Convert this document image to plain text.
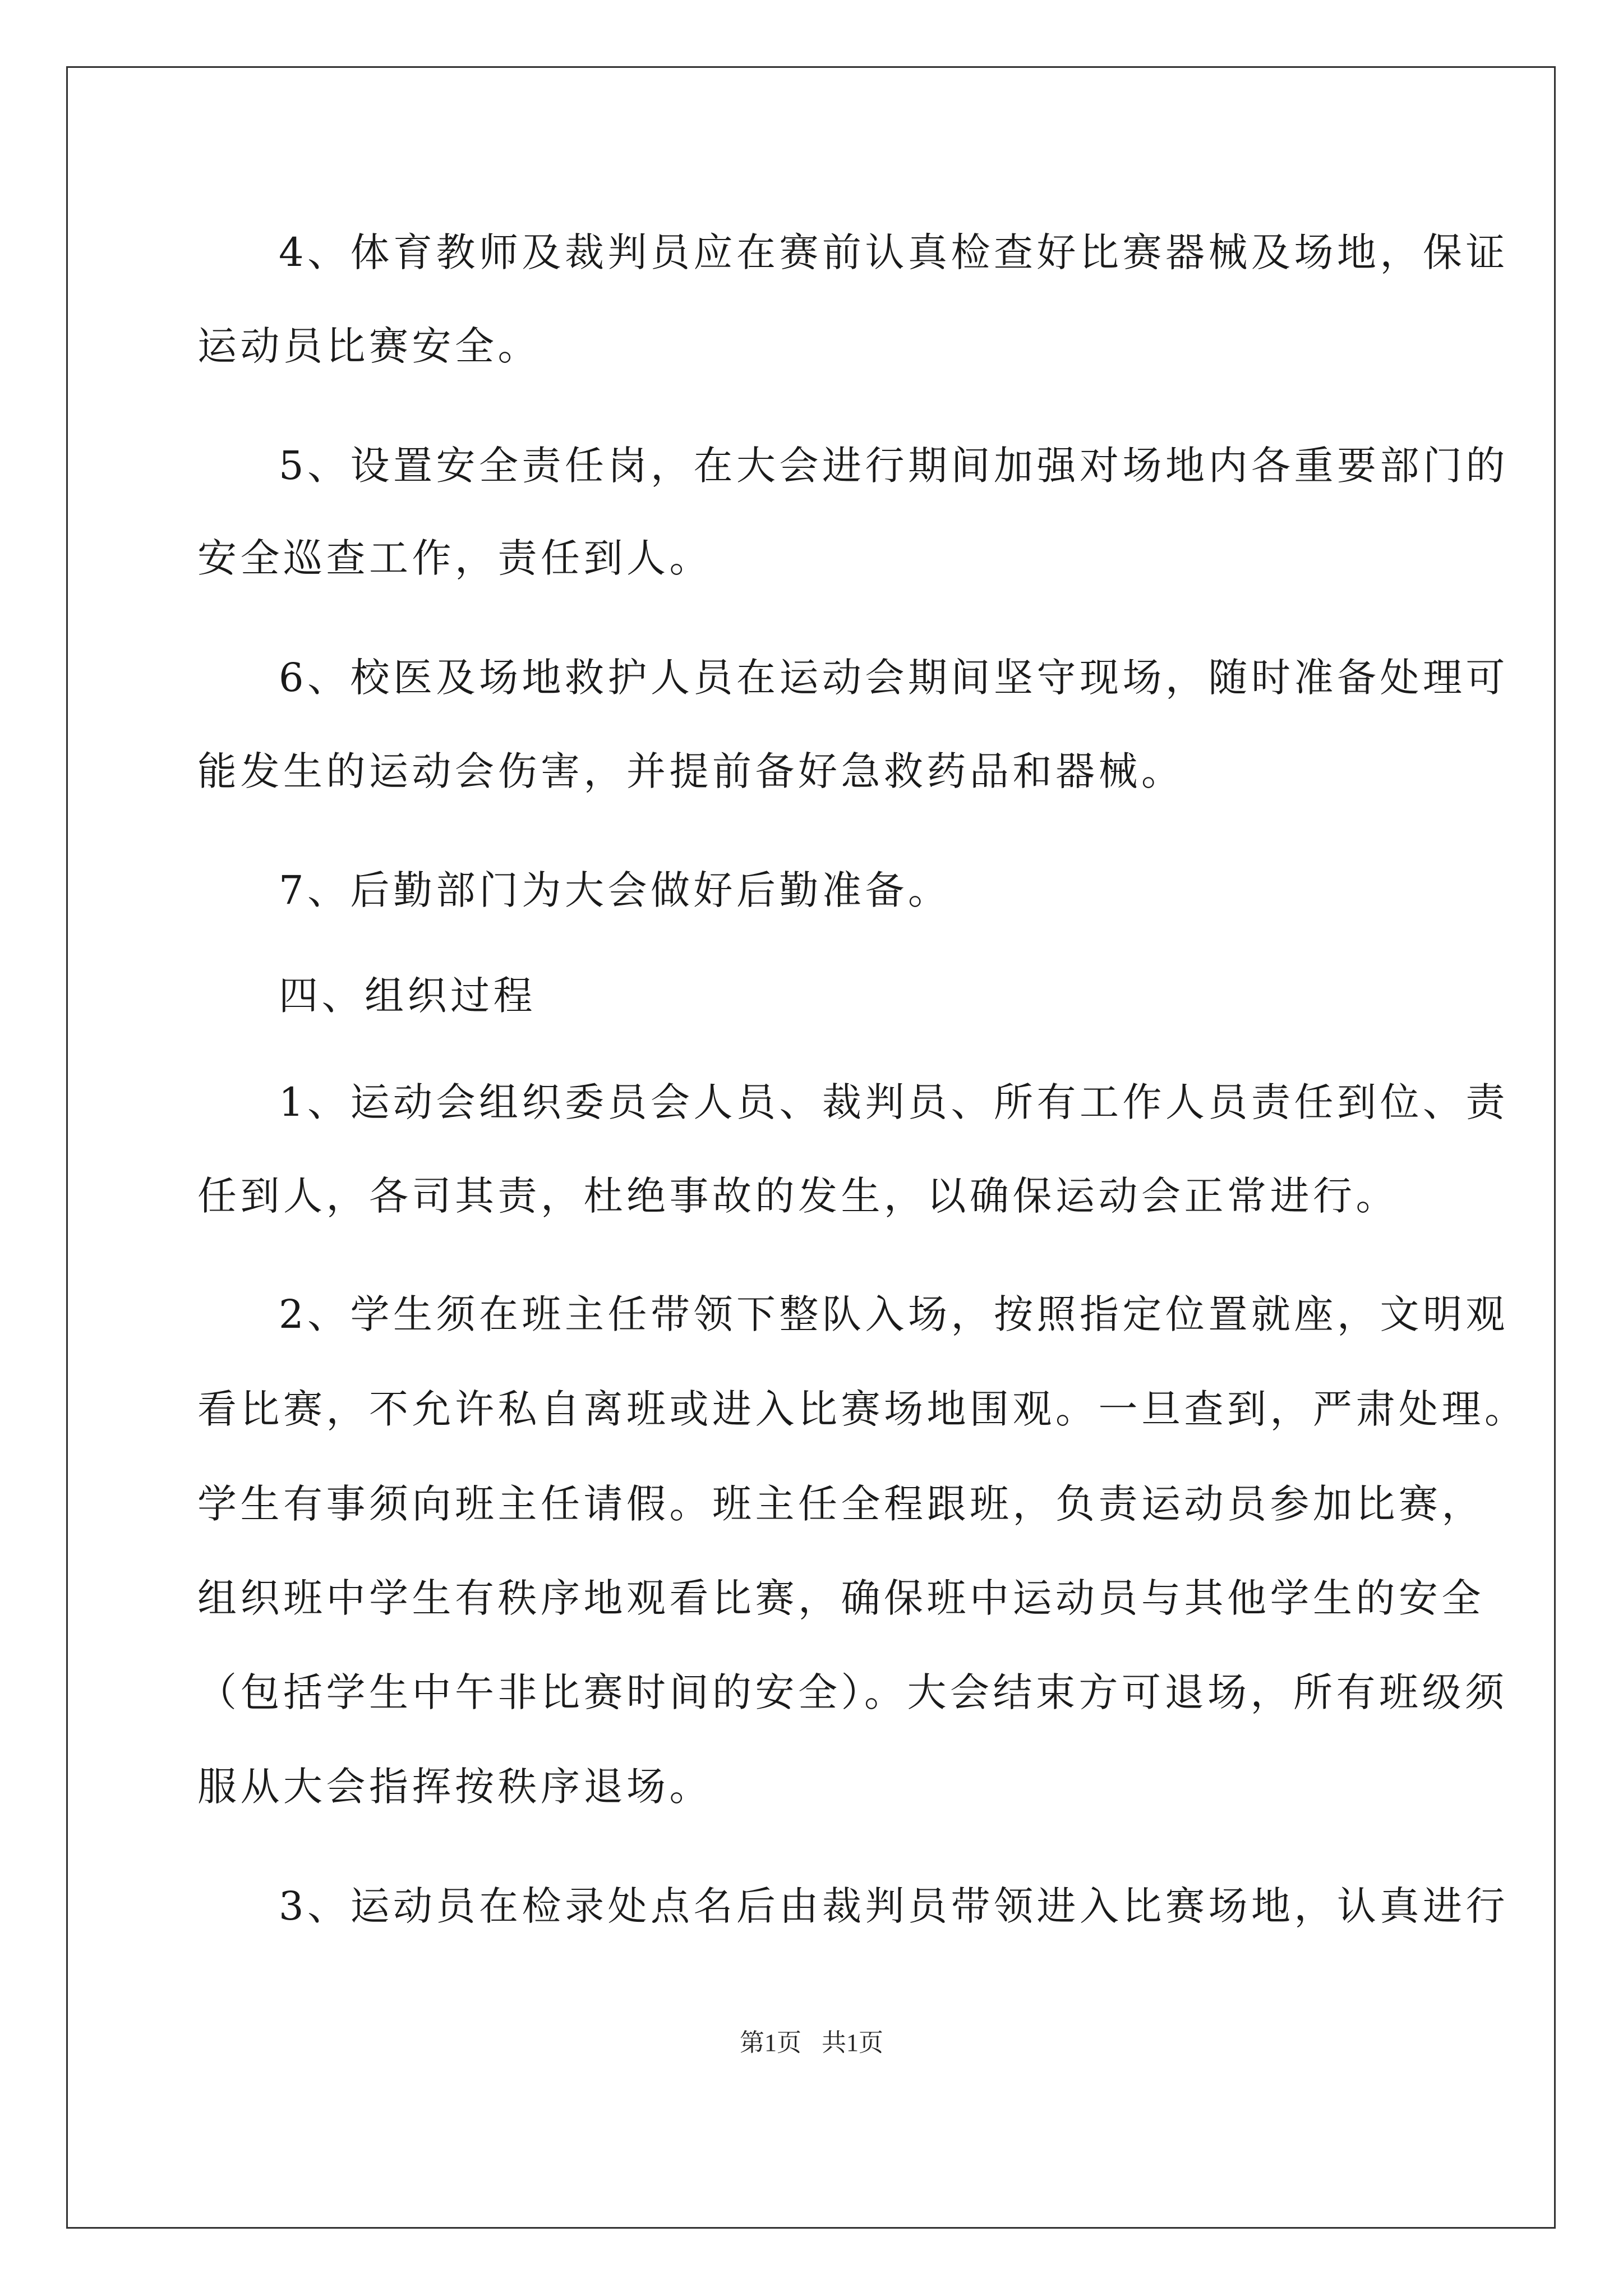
4、体育教师及裁判员应在赛前认真检查好比赛器械及场地，保证
运动员比赛安全。
5、设置安全责任岗，在大会进行期间加强对场地内各重要部门的
安全巡查工作，责任到人。
6、校医及场地救护人员在运动会期间坚守现场，随时准备处理可
能发生的运动会伤害，并提前备好急救药品和器械。
7、后勤部门为大会做好后勤准备。
四、组织过程
1、运动会组织委员会人员、裁判员、所有工作人员责任到位、责
任到人，各司其责，杜绝事故的发生，以确保运动会正常进行。
2、学生须在班主任带领下整队入场，按照指定位置就座，文明观
看比赛，不允许私自离班或进入比赛场地围观。一旦查到，严肃处理。
学生有事须向班主任请假。班主任全程跟班，负责运动员参加比赛，
组织班中学生有秩序地观看比赛，确保班中运动员与其他学生的安全
（包括学生中午非比赛时间的安全）。大会结束方可退场，所有班级须
服从大会指挥按秩序退场。
3、运动员在检录处点名后由裁判员带领进入比赛场地，认真进行
第1页 共1页
